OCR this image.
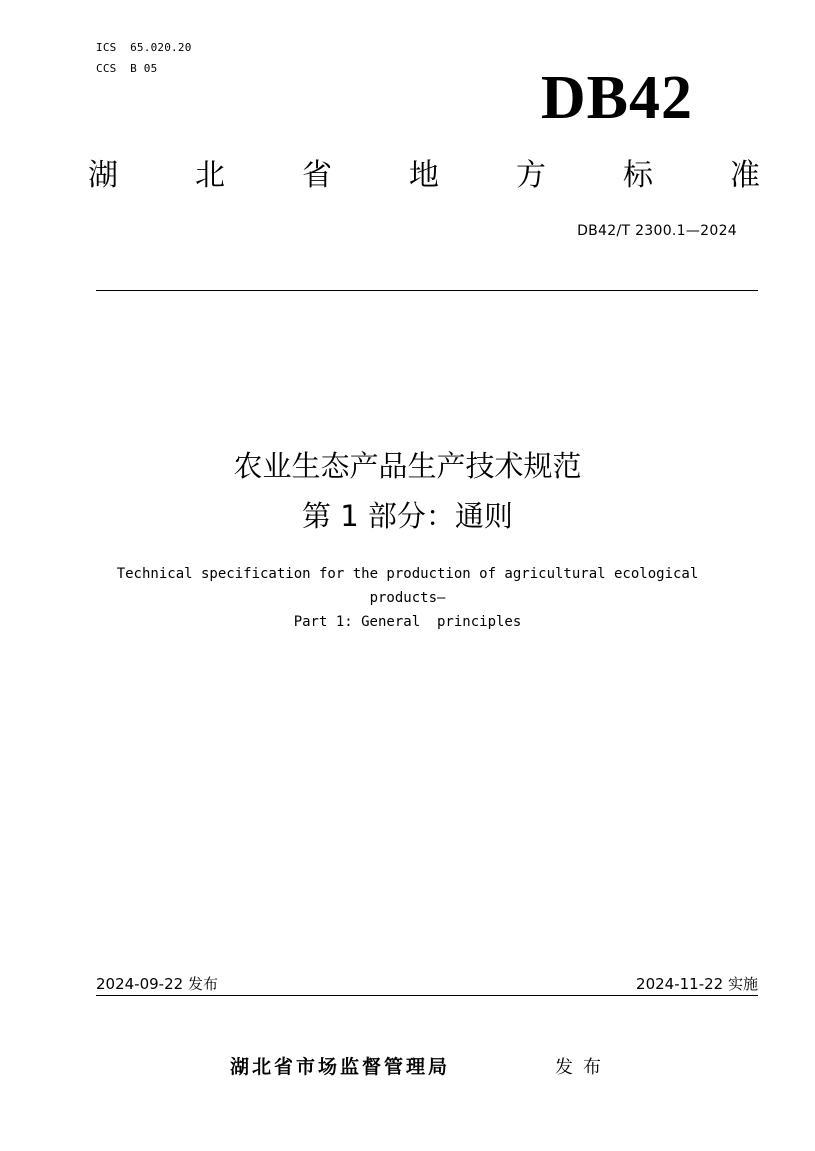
ICS  65.020.20
CCS  B 05	DB42
湖	北	省	地	方	标	准
DB42/T 2300.1—2024
农业生态产品生产技术规范
第 1 部分：通则
Technical specification for the production of agricultural ecological
products—
Part 1: General  principles
2024-09-22 发布	2024-11-22 实施
湖北省市场监督管理局	发布
